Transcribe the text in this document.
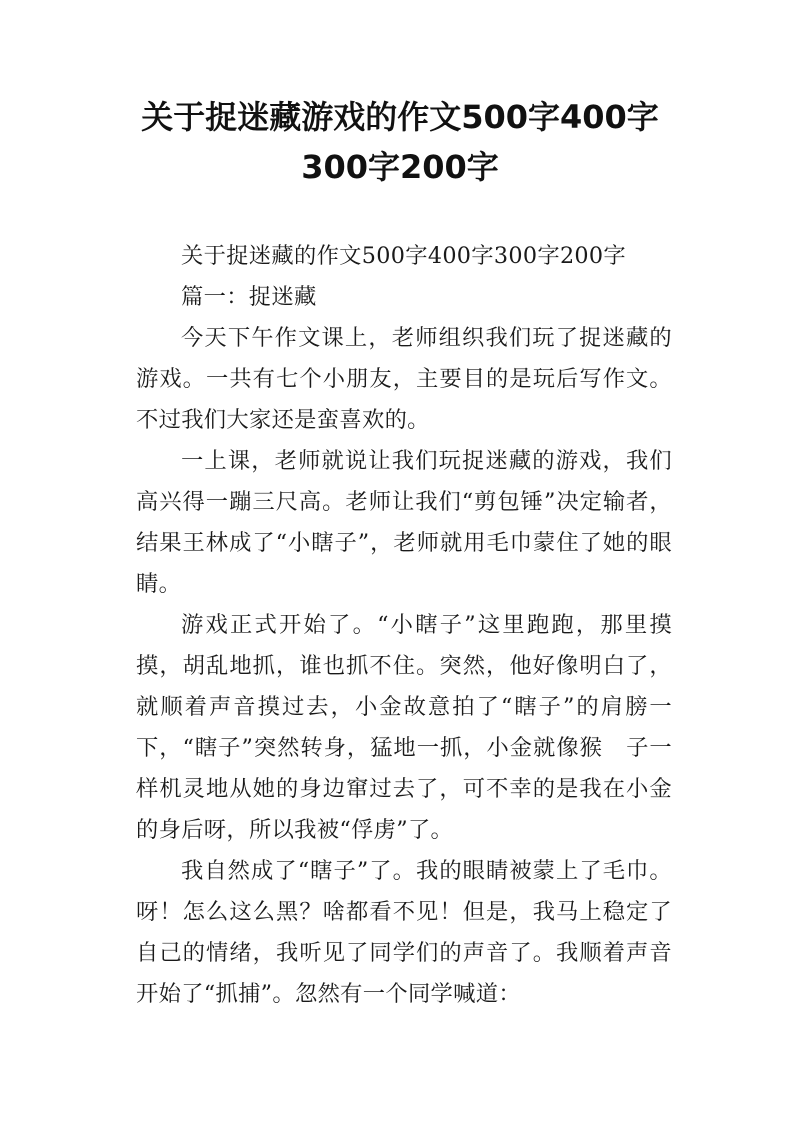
关于捉迷藏游戏的作文500字400字
300字200字

关于捉迷藏的作文500字400字300字200字

篇一：捉迷藏

今天下午作文课上，老师组织我们玩了捉迷藏的游戏。一共有七个小朋友，主要目的是玩后写作文。不过我们大家还是蛮喜欢的。

一上课，老师就说让我们玩捉迷藏的游戏，我们高兴得一蹦三尺高。老师让我们“剪包锤”决定输者，结果王林成了“小瞎子”，老师就用毛巾蒙住了她的眼睛。

游戏正式开始了。“小瞎子”这里跑跑，那里摸摸，胡乱地抓，谁也抓不住。突然，他好像明白了，就顺着声音摸过去，小金故意拍了“瞎子”的肩膀一下，“瞎子”突然转身，猛地一抓，小金就像猴　子一样机灵地从她的身边窜过去了，可不幸的是我在小金的身后呀，所以我被“俘虏”了。

我自然成了“瞎子”了。我的眼睛被蒙上了毛巾。呀！怎么这么黑？啥都看不见！但是，我马上稳定了自己的情绪，我听见了同学们的声音了。我顺着声音开始了“抓捕”。忽然有一个同学喊道：
